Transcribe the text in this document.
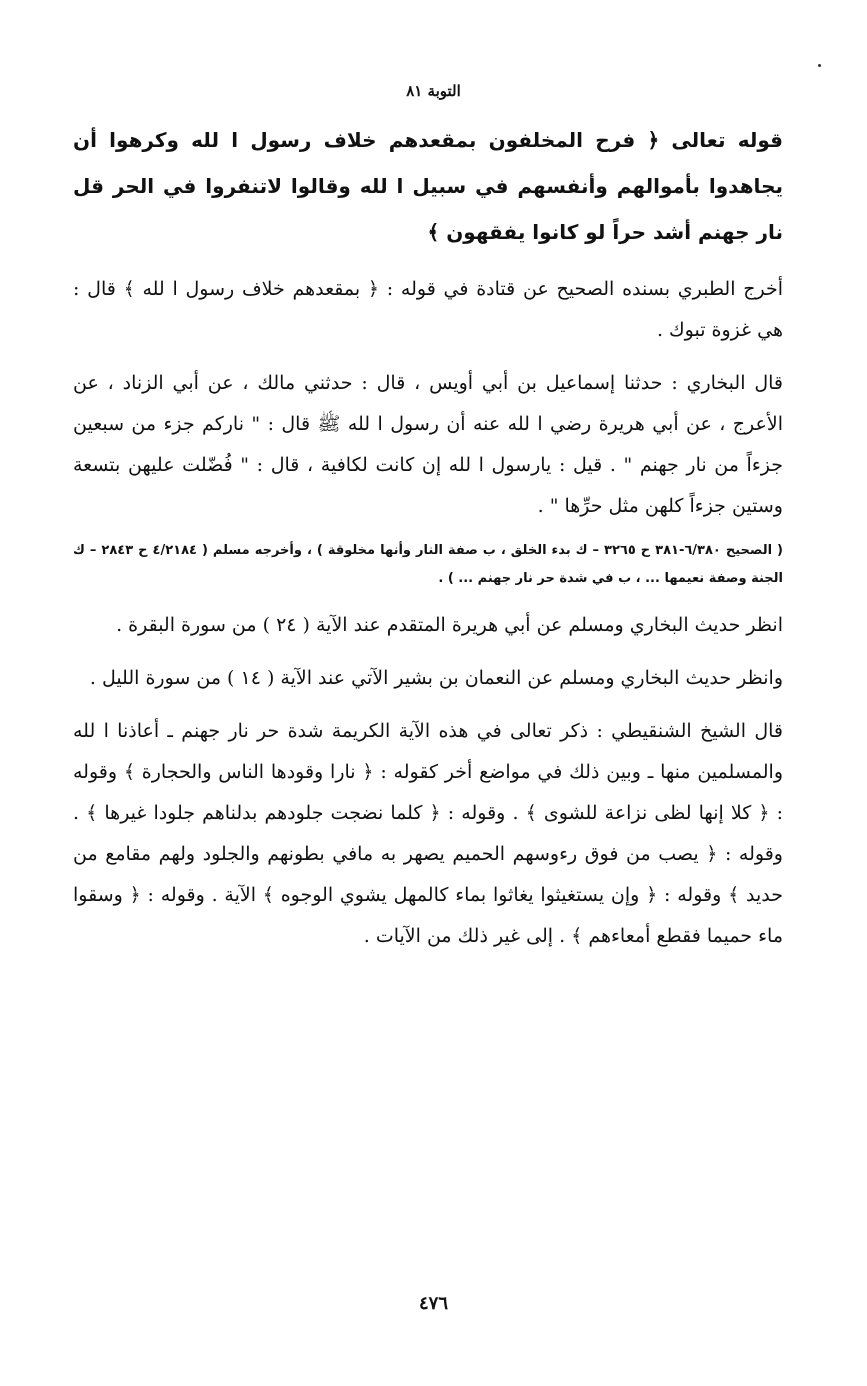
التوبة ٨١

قوله تعالى ﴿ فرح المخلفون بمقعدهم خلاف رسول ا لله وكرهوا أن يجاهدوا بأموالهم وأنفسهم في سبيل ا لله وقالوا لاتنفروا في الحر قل نار جهنم أشد حراً لو كانوا يفقهون ﴾

أخرج الطبري بسنده الصحيح عن قتادة في قوله : ﴿ بمقعدهم خلاف رسول ا لله ﴾ قال : هي غزوة تبوك .

قال البخاري : حدثنا إسماعيل بن أبي أويس ، قال : حدثني مالك ، عن أبي الزناد ، عن الأعرج ، عن أبي هريرة رضي ا لله عنه أن رسول ا لله ﷺ قال : " ناركم جزء من سبعين جزءاً من نار جهنم " . قيل : يارسول ا لله إن كانت لكافية ، قال : " فُضّلت عليهن بتسعة وستين جزءاً كلهن مثل حرِّها " .

( الصحيح ٦/٣٨٠-٣٨١ ح ٣٢٦٥ – ك بدء الخلق ، ب صفة النار وأنها مخلوقة ) ، وأخرجه مسلم ( ٤/٢١٨٤ ح ٢٨٤٣ – ك الجنة وصفة نعيمها ... ، ب في شدة حر نار جهنم ... ) .

انظر حديث البخاري ومسلم عن أبي هريرة المتقدم عند الآية ( ٢٤ ) من سورة البقرة .

وانظر حديث البخاري ومسلم عن النعمان بن بشير الآتي عند الآية ( ١٤ ) من سورة الليل .

قال الشيخ الشنقيطي : ذكر تعالى في هذه الآية الكريمة شدة حر نار جهنم ـ أعاذنا ا لله والمسلمين منها ـ وبين ذلك في مواضع أخر كقوله : ﴿ نارا وقودها الناس والحجارة ﴾ وقوله : ﴿ كلا إنها لظى نزاعة للشوى ﴾ . وقوله : ﴿ كلما نضجت جلودهم بدلناهم جلودا غيرها ﴾ . وقوله : ﴿ يصب من فوق رءوسهم الحميم يصهر به مافي بطونهم والجلود ولهم مقامع من حديد ﴾ وقوله : ﴿ وإن يستغيثوا يغاثوا بماء كالمهل يشوي الوجوه ﴾ الآية . وقوله : ﴿ وسقوا ماء حميما فقطع أمعاءهم ﴾ . إلى غير ذلك من الآيات .

٤٧٦
